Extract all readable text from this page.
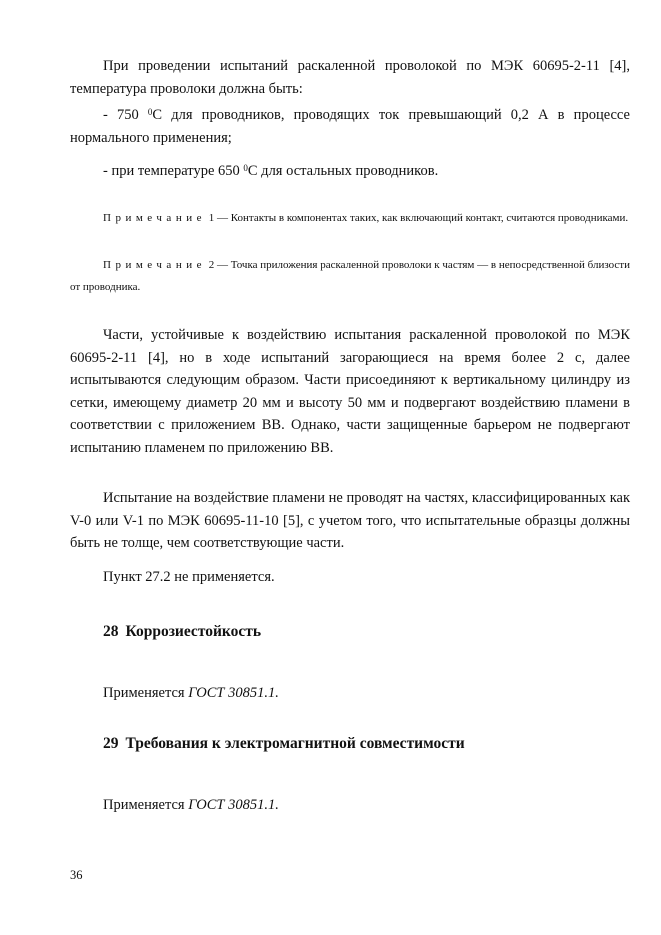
При проведении испытаний раскаленной проволокой по МЭК 60695-2-11 [4],
температура проволоки должна быть:

- 750 $^0$С для проводников, проводящих ток превышающий 0,2 А в процессе нормального применения;

- при температуре 650 $^0$С для остальных проводников.

Примечание 1 — Контакты в компонентах таких, как включающий контакт, считаются проводниками.

Примечание 2 — Точка приложения раскаленной проволоки к частям — в непосредственной близости от проводника.

Части, устойчивые к воздействию испытания раскаленной проволокой по МЭК 60695-2-11 [4], но в ходе испытаний загорающиеся на время более 2 с, далее испытываются следующим образом. Части присоединяют к вертикальному цилиндру из сетки, имеющему диаметр 20 мм и высоту 50 мм и подвергают воздействию пламени в соответствии с приложением ВВ. Однако, части защищенные барьером не подвергают испытанию пламенем по приложению ВВ.

Испытание на воздействие пламени не проводят на частях, классифицированных как V-0 или V-1 по МЭК 60695-11-10 [5], с учетом того, что испытательные образцы должны быть не толще, чем соответствующие части.

Пункт 27.2 не применяется.

28 Коррозиестойкость

Применяется ГОСТ 30851.1.

29 Требования к электромагнитной совместимости

Применяется ГОСТ 30851.1.

36
